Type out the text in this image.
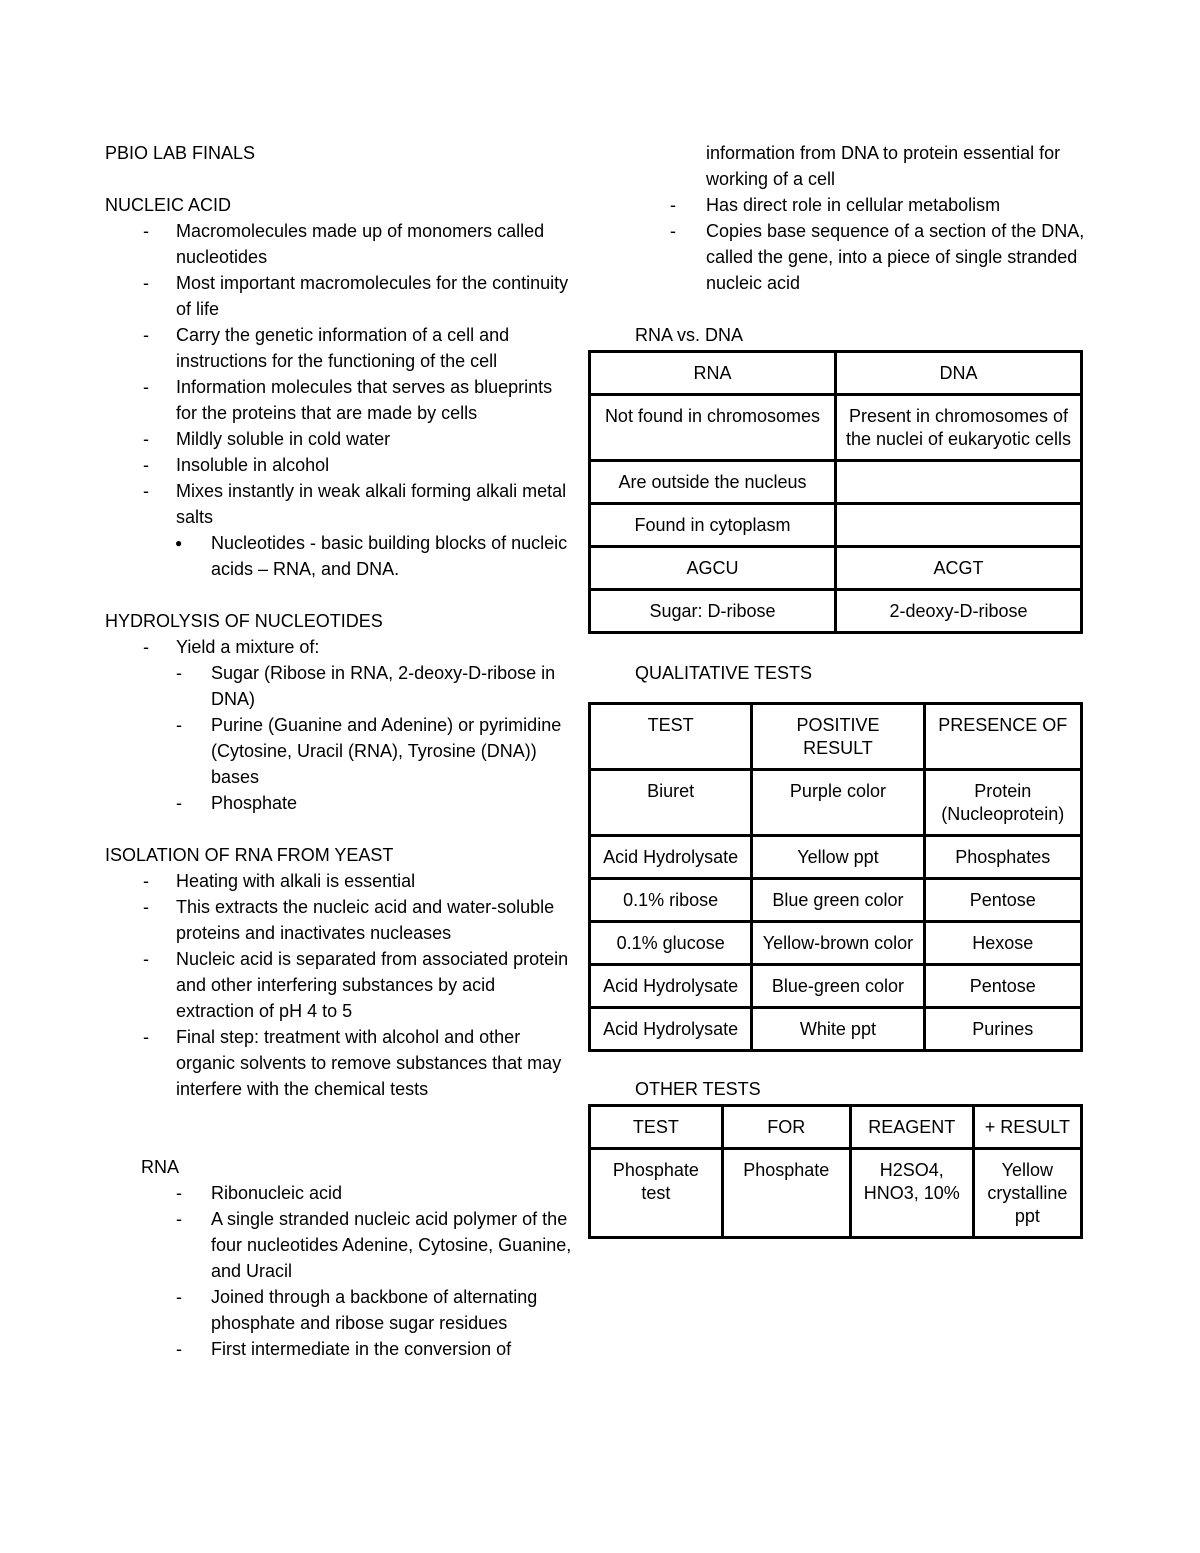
PBIO LAB FINALS

NUCLEIC ACID

- Macromolecules made up of monomers called nucleotides
- Most important macromolecules for the continuity of life
- Carry the genetic information of a cell and instructions for the functioning of the cell
- Information molecules that serves as blueprints for the proteins that are made by cells
- Mildly soluble in cold water
- Insoluble in alcohol
- Mixes instantly in weak alkali forming alkali metal salts
● Nucleotides - basic building blocks of nucleic acids – RNA, and DNA.

HYDROLYSIS OF NUCLEOTIDES

- Yield a mixture of:
- Sugar (Ribose in RNA, 2-deoxy-D-ribose in DNA)
- Purine (Guanine and Adenine) or pyrimidine (Cytosine, Uracil (RNA), Tyrosine (DNA)) bases
- Phosphate

ISOLATION OF RNA FROM YEAST

- Heating with alkali is essential
- This extracts the nucleic acid and water-soluble proteins and inactivates nucleases
- Nucleic acid is separated from associated protein and other interfering substances by acid extraction of pH 4 to 5
- Final step: treatment with alcohol and other organic solvents to remove substances that may interfere with the chemical tests

RNA

- Ribonucleic acid
- A single stranded nucleic acid polymer of the four nucleotides Adenine, Cytosine, Guanine, and Uracil
- Joined through a backbone of alternating phosphate and ribose sugar residues
- First intermediate in the conversion of
information from DNA to protein essential for working of a cell
- Has direct role in cellular metabolism
- Copies base sequence of a section of the DNA, called the gene, into a piece of single stranded nucleic acid

RNA vs. DNA

RNA	DNA
Not found in chromosomes	Present in chromosomes of the nuclei of eukaryotic cells
Are outside the nucleus	
Found in cytoplasm	
AGCU	ACGT
Sugar: D-ribose	2-deoxy-D-ribose

QUALITATIVE TESTS

TEST	POSITIVE RESULT	PRESENCE OF
Biuret	Purple color	Protein (Nucleoprotein)
Acid Hydrolysate	Yellow ppt	Phosphates
0.1% ribose	Blue green color	Pentose
0.1% glucose	Yellow-brown color	Hexose
Acid Hydrolysate	Blue-green color	Pentose
Acid Hydrolysate	White ppt	Purines

OTHER TESTS

TEST	FOR	REAGENT	+ RESULT
Phosphate test	Phosphate	H2SO4, HNO3, 10%	Yellow crystalline ppt
